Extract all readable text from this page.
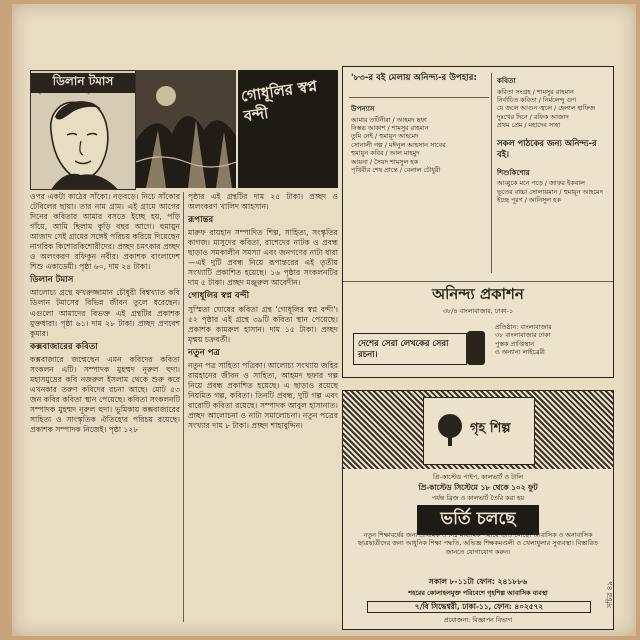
ডিলান টমাস
অনুবাদ: ফখরুজ্জামান চৌধুরী	গোধূলির স্বপ্ন বন্দী

ওপর একটা কাঠের সাঁকো। নড়বড়ে। নিচে সাঁকোর টেবিলের ছায়া। তার নাম গ্রাম। এই গ্রামে আগের দিনের কবিতার আমার বসতে ইচ্ছে হয়, পড়ি গাঁয়ে, আমি ছিলাম কুড়ি বছর আগে। হুমায়ুন আজাদ সেই গ্রামের সঙ্গেই পরিচয় করিয়ে দিয়েছেন নাগরিক কিশোরকিশোরীদের। প্রচ্ছদ চমৎকার প্রচ্ছদ ও অলংকরণ রফিকুন নবীর। প্রকাশক বাংলাদেশ শিশু একাডেমী। পৃষ্ঠা ৬০, দাম ২৪ টাকা।

ডিলান টমাস

আলোচ্য গ্রন্থে ফখরুজ্জামান চৌধুরী বিশ্বখ্যাত কবি ডিলান টমাসের বিভিন্ন জীবন তুলে ধরেছেন। এগুলো আমাদের বিভক্ত এই গ্রন্থটির প্রকাশক মুক্তধারা। পৃষ্ঠা ৬১। দাম ২৮ টাকা। প্রচ্ছদ প্রণবেশ কুমার।

কক্সবাজারের কবিতা

কক্সবাজারে জন্মেছেন এমন কবিদের কবিতা সংকলন এটি। সম্পাদক মুহম্মদ নূরুল হুদা। মহাসমুদ্রের কবি নজরুল ইসলাম থেকে শুরু করে এখনকার তরুণ কবিদের রচনা আছে। মোট ৫৩ জন কবির কবিতা স্থান পেয়েছে। কবিতা সংকলনটি সম্পাদক মুহম্মদ নূরুল হুদা। ভূমিকায় কক্সবাজারের সাহিত্য ও সাংস্কৃতিক ঐতিহ্যের পরিচয় রয়েছে। প্রকাশক সম্পাদক নিজেই। পৃষ্ঠা ১২৮

পৃষ্ঠার এই গ্রন্থটির দাম ২৫ টাকা। প্রচ্ছদ ও অলংকরণ খালিদ আহসান।

রূপান্তর

মারুফ রায়হান সম্পাদিত শিল্প, সাহিত্য, সংস্কৃতির কাগজ। মাসুদের কবিতা, রাশেদের নাটক ও প্রবন্ধ ছাড়াও সমকালীন সমস্যা এবং জনগণের নাট্য ধারা—এই দুটি প্রবন্ধ নিয়ে রূপান্তরের এই তৃতীয় সংখ্যাটি প্রকাশিত হয়েছে। ১৬ পৃষ্ঠার সংকলনটির দাম ৫ টাকা। প্রচ্ছদ মঞ্জুরুল আবেদীন।

গোধূলির স্বপ্ন বন্দী

সুস্মিতা ঘোষের কবিতা গ্রন্থ 'গোধূলির স্বপ্ন বন্দী'। ৫২ পৃষ্ঠার এই গ্রন্থে ৩৯টি কবিতা স্থান পেয়েছে। প্রকাশক কামরুল হাসান। দাম ১৫ টাকা। প্রচ্ছদ মৃন্ময় চক্রবর্তী।

নতুন পত্র

নতুন পত্র সাহিত্য পত্রিকা। আলোচ্য সংখ্যায় জহির রায়হানের জীবন ও সাহিত্য, আহমদ ছফার গল্প নিয়ে প্রবন্ধ প্রকাশিত হয়েছে। এ ছাড়াও রয়েছে নিয়মিত গল্প, কবিতা। তিনটি প্রবন্ধ, দুটি গল্প এবং বারোটি কবিতা রয়েছে। সম্পাদক আবুল হাসানাত। প্রচ্ছদ আলোচনা ও নাট্য সমালোচনা। নতুন পত্রের সংখ্যার দাম ৮ টাকা। প্রচ্ছদ শাহাবুদ্দিন।

'৮৩-র বই মেলায় অনিন্দ্য-র উপহার:
উপন্যাস
আমার তটিনীরা / আহমদ ছফা
নিস্তব্ধ আকাশ / শামসুর রাহমান
তুমি নেই / হুমায়ূন আহমেদ
সোনালী গল্প / মঈনুল আহসান সাবের
হুমায়ুন কবির / আল মাহমুদ
আয়না / সৈয়দ শামসুল হক
পৃথিবীর শেষ প্রান্তে / বেলাল চৌধুরী
কবিতা
কবিতা সংগ্রহ / শামসুর রাহমান
নির্বাচিত কবিতা / নির্মলেন্দু গুণ
যে জলে আগুন জ্বলে / হেলাল হাফিজ
দুঃখের দিনে / রফিক আজাদ
প্রথম প্রেম / মহাদেব সাহা
সকল পাঠকের জন্য অনিন্দ্য-র বই।
শিশুকিশোর
আব্বুকে মনে পড়ে / জাফর ইকবাল
ভূতের বাচ্চা সোলায়মান / হুমায়ূন আহমেদ
ইচ্ছে পূরণ / আনিসুল হক
অনিন্দ্য প্রকাশন
৩৮/৪ বাংলাবাজার, ঢাকা-১
দেশের সেরা লেখকের সেরা রচনা।
প্রতিষ্ঠান: বাংলাবাজার
৩৮ বাংলাবাজার ঢাকা
পুস্তক প্রাপ্তিস্থান
ও অন্যান্য লাইব্রেরী
গৃহ শিল্প
প্রি-কাস্টেড পাইপ, কালভার্ট ও টালি
প্রি-কাস্টেড সিস্টেমে ১৮ থেকে ১০২ ফুট
পর্যন্ত ব্রিজ ও কালভার্ট তৈরি করা হয়
ভর্তি চলছে
নতুন শিক্ষাবর্ষের জন্য প্রাথমিক ও নিম্ন মাধ্যমিক পর্যায়ে ভর্তি চলছে। আবাসিক ও অনাবাসিক ছাত্রছাত্রীদের জন্য আধুনিক শিক্ষা পদ্ধতি, অভিজ্ঞ শিক্ষকমণ্ডলী ও খেলাধুলার সুব্যবস্থা। বিস্তারিত জানতে যোগাযোগ করুন।
সকাল ৮-১১টা ফোন: ২৪১৮৮৬
শহরের কোলাহলমুক্ত পরিবেশে গৃহশিল্প আবাসিক ব্যবস্থা
৭/বি সিদ্ধেশ্বরী, ঢাকা-১১, ফোন: ৪০২৫৭২
প্রযোজনা: বিজ্ঞাপন বিভাগ
সচিত্র ৪৯
